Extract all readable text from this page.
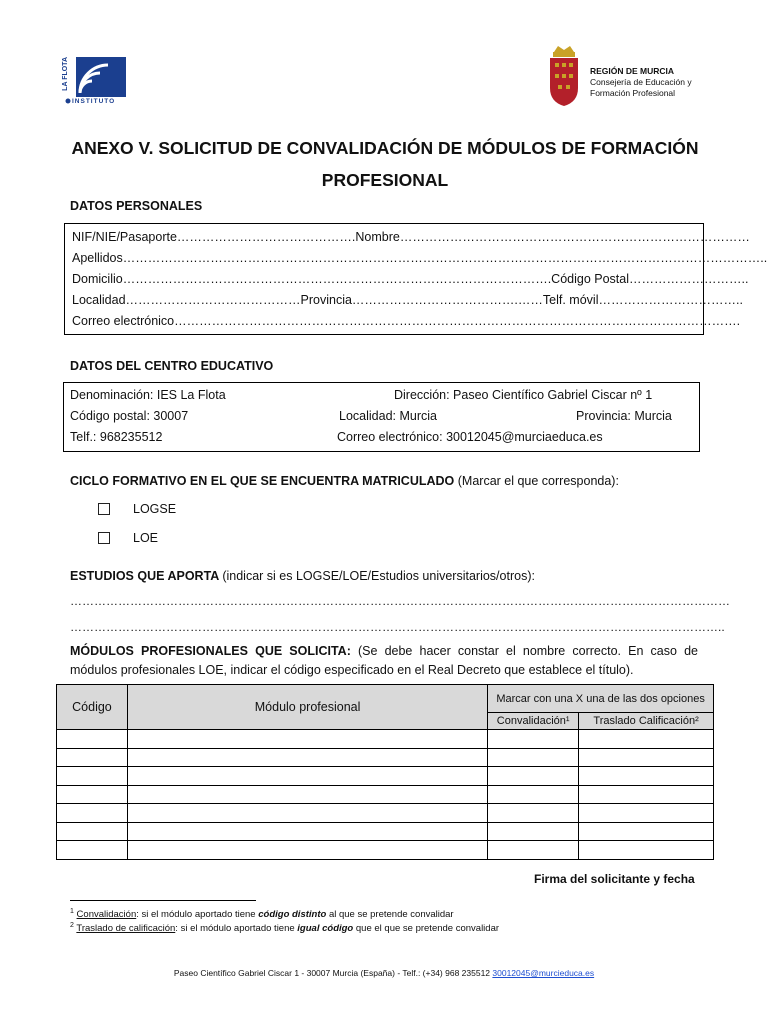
LA FLOTA
INSTITUTO
REGIÓN DE MURCIA
Consejería de Educación y
Formación Profesional
ANEXO V. SOLICITUD DE CONVALIDACIÓN DE MÓDULOS DE FORMACIÓN
PROFESIONAL
DATOS PERSONALES
NIF/NIE/Pasaporte…………………………………….Nombre…………………………………………………………………………
Apellidos………………………………………………………………………………………………………………………………………..
Domicilio………………………………………………………………………………………….Código Postal………………………..
Localidad……………………………………Provincia………………………………….……Telf. móvil……………………………..
Correo electrónico……………………………………………………………………………………………………………………….
DATOS DEL CENTRO EDUCATIVO
Denominación: IES La Flota	Dirección: Paseo Científico Gabriel Ciscar nº 1
Código postal: 30007	Localidad: Murcia	Provincia: Murcia
Telf.: 968235512	Correo electrónico: 30012045@murciaeduca.es
CICLO FORMATIVO EN EL QUE SE ENCUENTRA MATRICULADO (Marcar el que corresponda):
LOGSE
LOE
ESTUDIOS QUE APORTA (indicar si es LOGSE/LOE/Estudios universitarios/otros):
…………………………………………………………………………………………………………………………………………………
………………………………………………………………………………………………………………………………………………..
MÓDULOS PROFESIONALES QUE SOLICITA: (Se debe hacer constar el nombre correcto. En caso de módulos profesionales LOE, indicar el código especificado en el Real Decreto que establece el título).
Código	Módulo profesional	Marcar con una X una de las dos opciones	
		Convalidación¹	Traslado Calificación²

Firma del solicitante y fecha
$^1$ Convalidación: si el módulo aportado tiene código distinto al que se pretende convalidar
$^2$ Traslado de calificación: si el módulo aportado tiene igual código que el que se pretende convalidar
Paseo Científico Gabriel Ciscar 1 - 30007 Murcia (España) - Telf.: (+34) 968 235512 30012045@murcieduca.es
